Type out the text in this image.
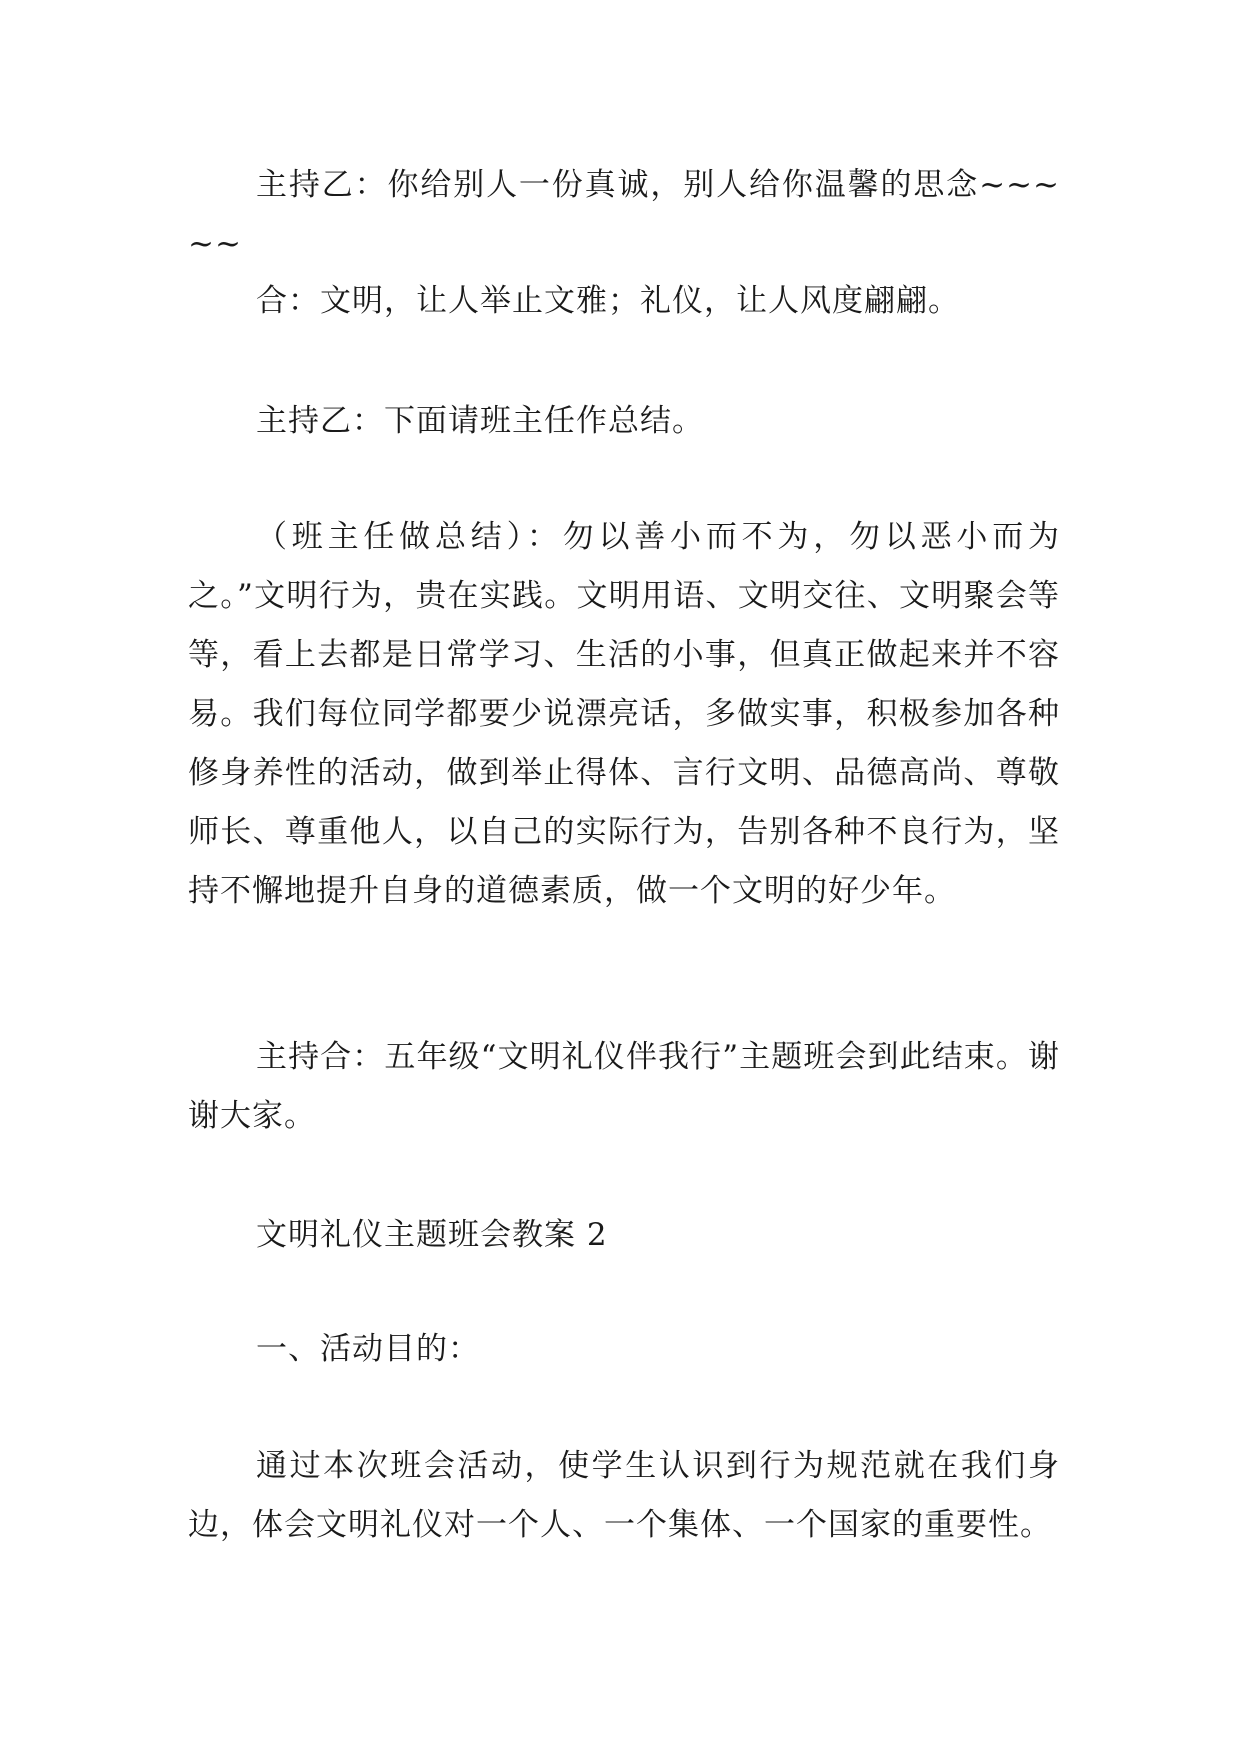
主持乙：你给别人一份真诚，别人给你温馨的思念~~~~~

合：文明，让人举止文雅；礼仪，让人风度翩翩。

主持乙：下面请班主任作总结。

（班主任做总结）：勿以善小而不为，勿以恶小而为之。”文明行为，贵在实践。文明用语、文明交往、文明聚会等等，看上去都是日常学习、生活的小事，但真正做起来并不容易。我们每位同学都要少说漂亮话，多做实事，积极参加各种修身养性的活动，做到举止得体、言行文明、品德高尚、尊敬师长、尊重他人，以自己的实际行为，告别各种不良行为，坚持不懈地提升自身的道德素质，做一个文明的好少年。

主持合：五年级“文明礼仪伴我行”主题班会到此结束。谢谢大家。

文明礼仪主题班会教案 2

一、活动目的：

通过本次班会活动，使学生认识到行为规范就在我们身边，体会文明礼仪对一个人、一个集体、一个国家的重要性。
